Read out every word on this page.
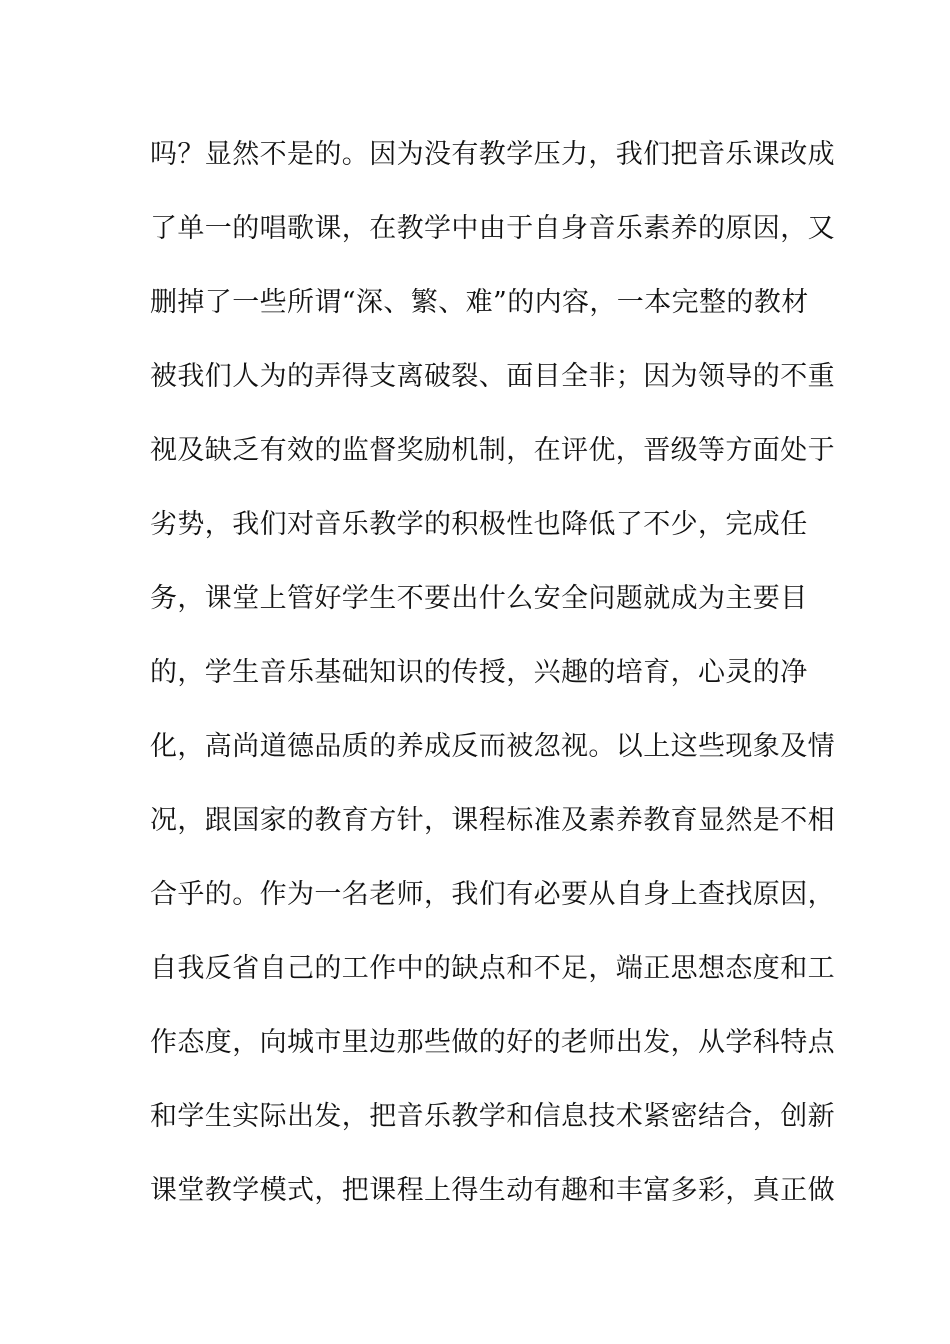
吗？显然不是的。因为没有教学压力，我们把音乐课改成
了单一的唱歌课，在教学中由于自身音乐素养的原因，又
删掉了一些所谓“深、繁、难”的内容，一本完整的教材
被我们人为的弄得支离破裂、面目全非；因为领导的不重
视及缺乏有效的监督奖励机制，在评优，晋级等方面处于
劣势，我们对音乐教学的积极性也降低了不少，完成任
务，课堂上管好学生不要出什么安全问题就成为主要目
的，学生音乐基础知识的传授，兴趣的培育，心灵的净
化，高尚道德品质的养成反而被忽视。以上这些现象及情
况，跟国家的教育方针，课程标准及素养教育显然是不相
合乎的。作为一名老师，我们有必要从自身上查找原因，
自我反省自己的工作中的缺点和不足，端正思想态度和工
作态度，向城市里边那些做的好的老师出发，从学科特点
和学生实际出发，把音乐教学和信息技术紧密结合，创新
课堂教学模式，把课程上得生动有趣和丰富多彩，真正做
